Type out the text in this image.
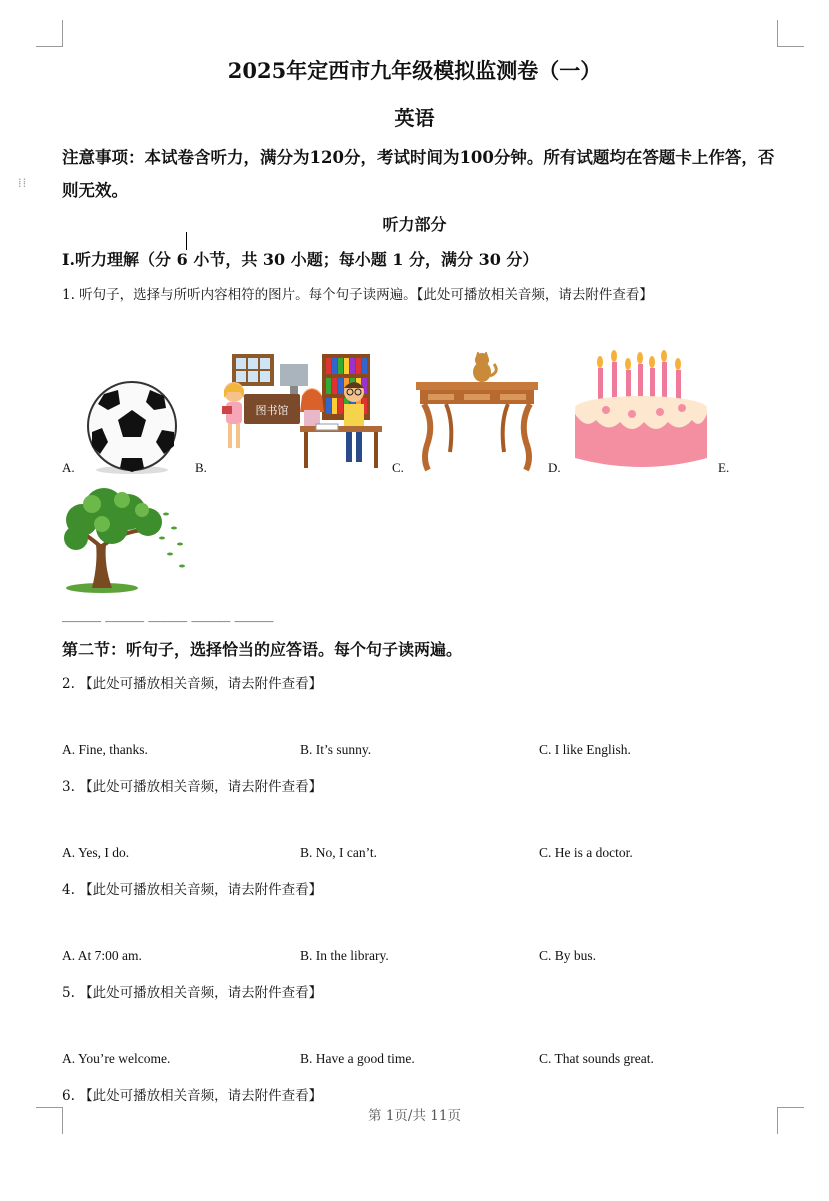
⁞⁞
2025年定西市九年级模拟监测卷（一）
英语
注意事项：本试卷含听力，满分为120分，考试时间为100分钟。所有试题均在答题卡上作答，否则无效。
听力部分
I.听力理解（分 6 小节，共 30 小题；每小题 1 分，满分 30 分）
1. 听句子，选择与所听内容相符的图片。每个句子读两遍。【此处可播放相关音频，请去附件查看】
A.
图书馆
B.	C.	D.	E.
______ ______ ______ ______ ______
第二节：听句子，选择恰当的应答语。每个句子读两遍。
2. 【此处可播放相关音频，请去附件查看】
A. Fine, thanks.	B. It’s sunny.	C. I like English.
3. 【此处可播放相关音频，请去附件查看】
A. Yes, I do.	B. No, I can’t.	C. He is a doctor.
4. 【此处可播放相关音频，请去附件查看】
A. At 7:00 am.	B. In the library.	C. By bus.
5. 【此处可播放相关音频，请去附件查看】
A. You’re welcome.	B. Have a good time.	C. That sounds great.
6. 【此处可播放相关音频，请去附件查看】
第 1页/共 11页
